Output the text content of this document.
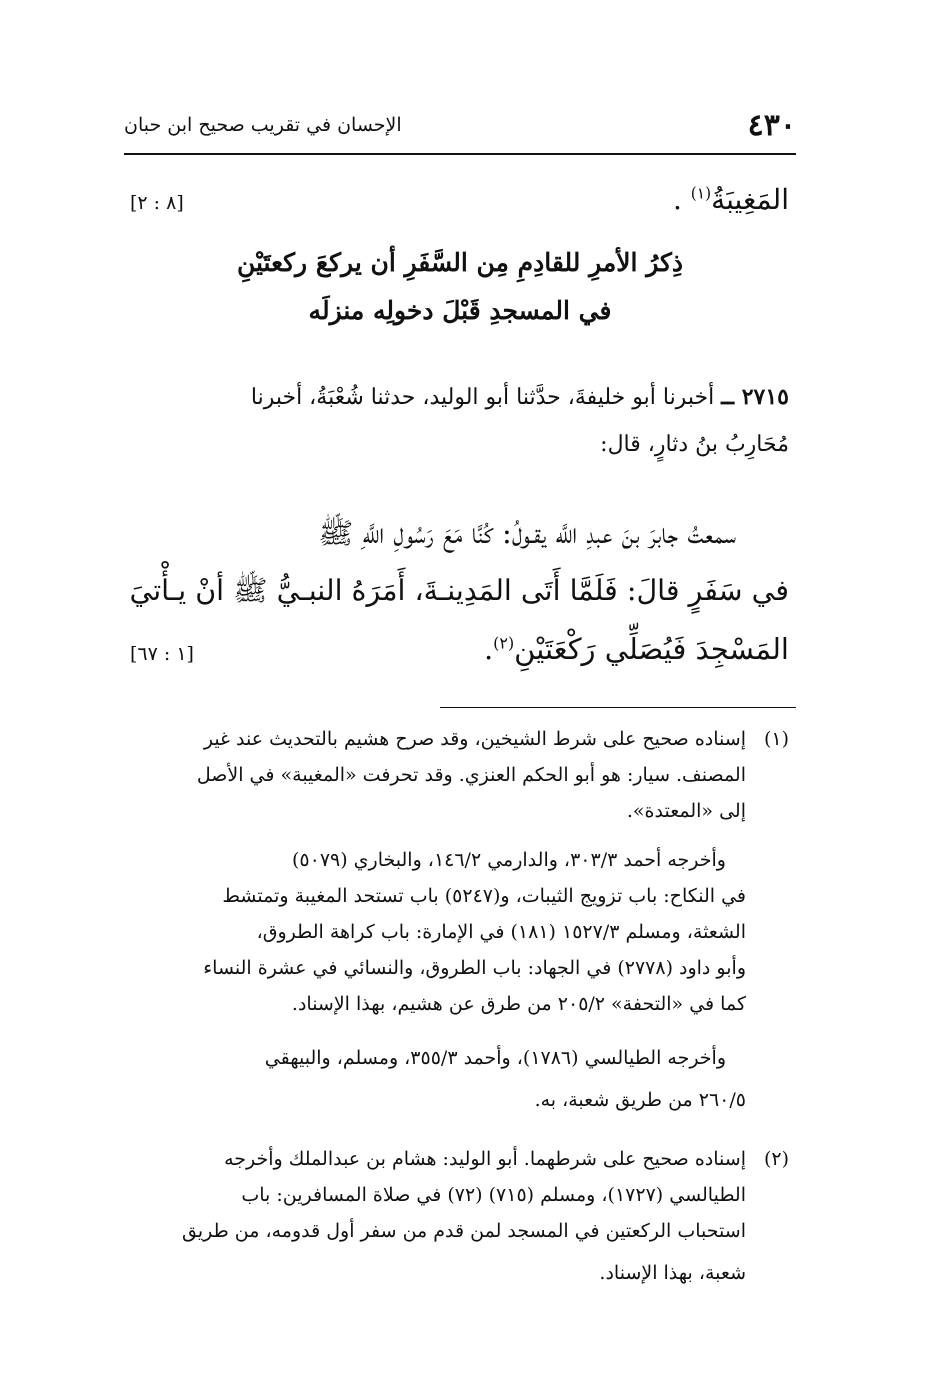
٤٣٠
الإحسان في تقريب صحيح ابن حبان
المَغِيبَةُ$^{(١)}$ .
[٨ : ٢]
ذِكرُ الأمرِ للقادِمِ مِن السَّفَرِ أن يركعَ ركعتَيْنِ
في المسجدِ قَبْلَ دخولِه منزلَه
٢٧١٥ ــ أخبرنا أبو خليفةَ، حدَّثنا أبو الوليد، حدثنا شُعْبَةُ، أخبرنا
مُحَارِبُ بنُ دثارٍ، قال:
سمعتُ جابرَ بنَ عبدِ اللَّه يقـولُ: كُنَّا مَعَ رَسُولِ اللَّهِ ﷺ
في سَفَرٍ قالَ: فَلَمَّا أَتَى المَدِينـةَ، أَمَرَهُ النبـيُّ ﷺ أنْ يـأْتيَ
المَسْجِدَ فَيُصَلِّي رَكْعَتَيْنِ$^{(٢)}$.
[١ : ٦٧]
(١)
إسناده صحيح على شرط الشيخين، وقد صرح هشيم بالتحديث عند غير
المصنف. سيار: هو أبو الحكم العنزي. وقد تحرفت «المغيبة» في الأصل
إلى «المعتدة».
وأخرجه أحمد ٣٠٣/٣، والدارمي ١٤٦/٢، والبخاري (٥٠٧٩)
في النكاح: باب تزويج الثيبات، و(٥٢٤٧) باب تستحد المغيبة وتمتشط
الشعثة، ومسلم ١٥٢٧/٣ (١٨١) في الإمارة: باب كراهة الطروق،
وأبو داود (٢٧٧٨) في الجهاد: باب الطروق، والنسائي في عشرة النساء
كما في «التحفة» ٢٠٥/٢ من طرق عن هشيم، بهذا الإسناد.
وأخرجه الطيالسي (١٧٨٦)، وأحمد ٣٥٥/٣، ومسلم، والبيهقي
٢٦٠/٥ من طريق شعبة، به.
(٢)
إسناده صحيح على شرطهما. أبو الوليد: هشام بن عبدالملك وأخرجه
الطيالسي (١٧٢٧)، ومسلم (٧١٥) (٧٢) في صلاة المسافرين: باب
استحباب الركعتين في المسجد لمن قدم من سفر أول قدومه، من طريق
شعبة، بهذا الإسناد.
